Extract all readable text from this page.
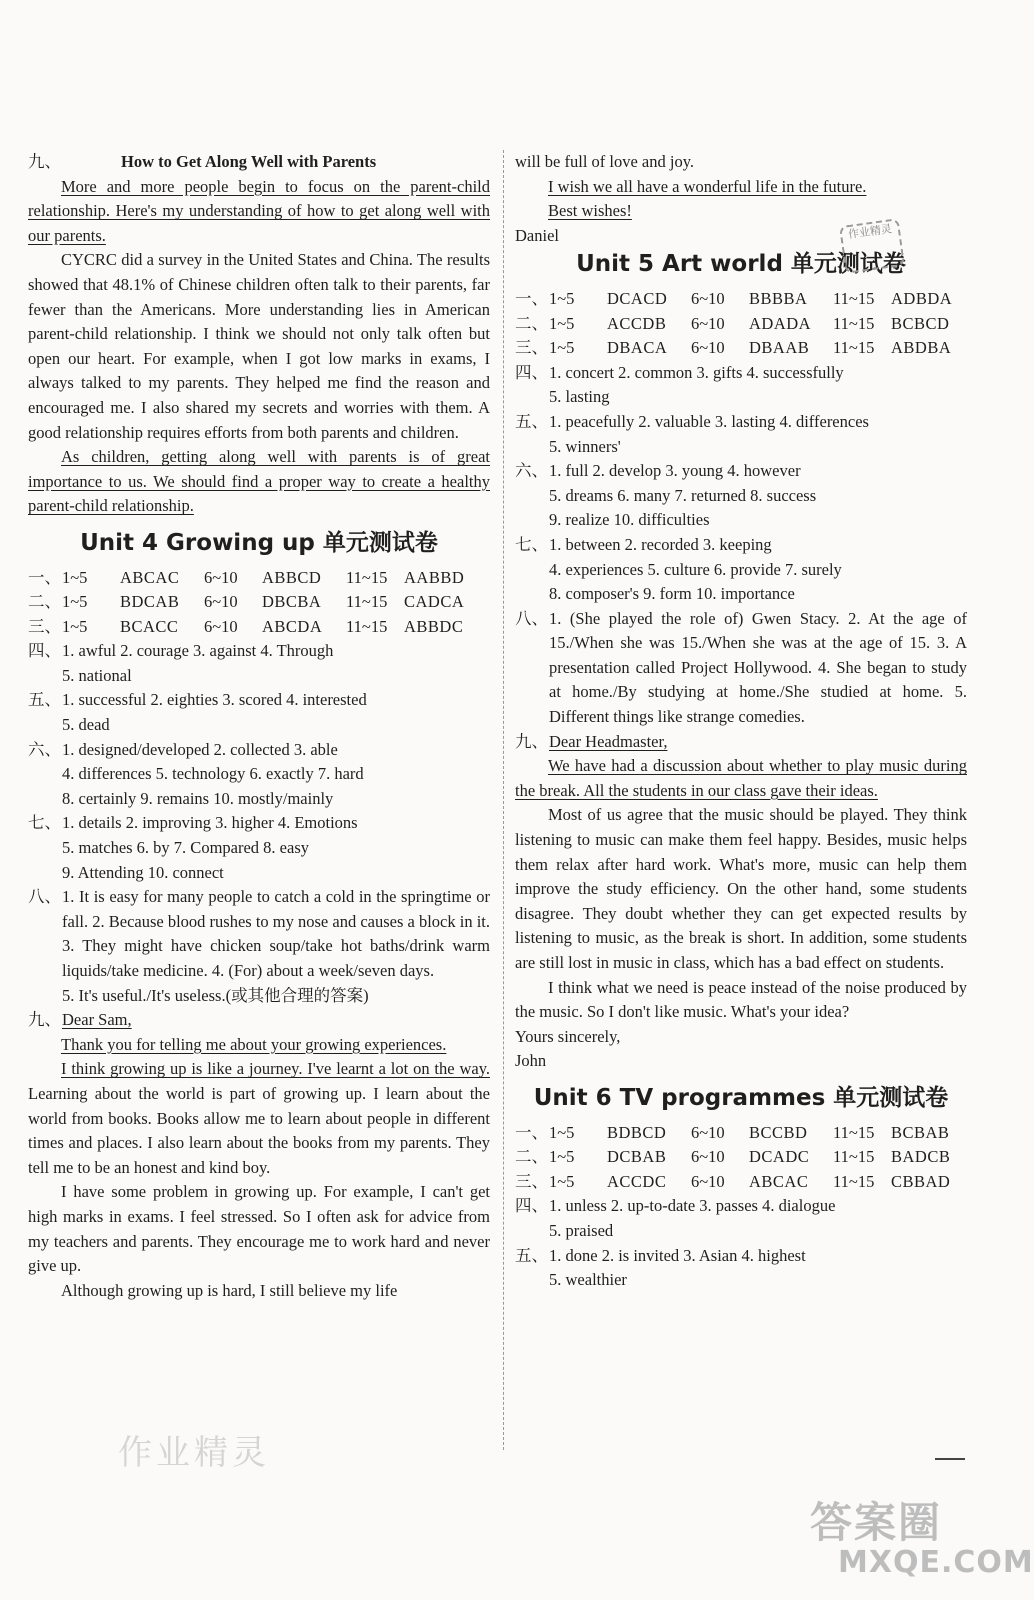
九、	How to Get Along Well with Parents

More and more people begin to focus on the parent-child relationship. Here's my understanding of how to get along well with our parents.

CYCRC did a survey in the United States and China. The results showed that 48.1% of Chinese children often talk to their parents, far fewer than the Americans. More understanding lies in American parent-child relationship. I think we should not only talk often but open our heart. For example, when I got low marks in exams, I always talked to my parents. They helped me find the reason and encouraged me. I also shared my secrets and worries with them. A good relationship requires efforts from both parents and children.

As children, getting along well with parents is of great importance to us. We should find a proper way to create a healthy parent-child relationship.

Unit 4 Growing up 单元测试卷
一、 1~5 ABCAC 6~10 ABBCD 11~15 AABBD
二、 1~5 BDCAB 6~10 DBCBA 11~15 CADCA
三、 1~5 BCACC 6~10 ABCDA 11~15 ABBDC
四、 1. awful 2. courage 3. against 4. Through
5. national
五、 1. successful 2. eighties 3. scored 4. interested
5. dead
六、 1. designed/developed 2. collected 3. able
4. differences 5. technology 6. exactly 7. hard
8. certainly 9. remains 10. mostly/mainly
七、 1. details 2. improving 3. higher 4. Emotions
5. matches 6. by 7. Compared 8. easy
9. Attending 10. connect
八、 1. It is easy for many people to catch a cold in the springtime or fall. 2. Because blood rushes to my nose and causes a block in it. 3. They might have chicken soup/take hot baths/drink warm liquids/take medicine. 4. (For) about a week/seven days.

5. It's useful./It's useless.(或其他合理的答案)
九、 Dear Sam,

Thank you for telling me about your growing experiences.

I think growing up is like a journey. I've learnt a lot on the way. Learning about the world is part of growing up. I learn about the world from books. Books allow me to learn about people in different times and places. I also learn about the books from my parents. They tell me to be an honest and kind boy.

I have some problem in growing up. For example, I can't get high marks in exams. I feel stressed. So I often ask for advice from my teachers and parents. They encourage me to work hard and never give up.

Although growing up is hard, I still believe my life

will be full of love and joy.

I wish we all have a wonderful life in the future.

Best wishes!

Daniel

Unit 5 Art world 单元测试卷
一、 1~5 DCACD 6~10 BBBBA 11~15 ADBDA
二、 1~5 ACCDB 6~10 ADADA 11~15 BCBCD
三、 1~5 DBACA 6~10 DBAAB 11~15 ABDBA
四、 1. concert 2. common 3. gifts 4. successfully
5. lasting
五、 1. peacefully 2. valuable 3. lasting 4. differences
5. winners'
六、 1. full 2. develop 3. young 4. however
5. dreams 6. many 7. returned 8. success
9. realize 10. difficulties
七、 1. between 2. recorded 3. keeping
4. experiences 5. culture 6. provide 7. surely
8. composer's 9. form 10. importance
八、 1. (She played the role of) Gwen Stacy. 2. At the age of 15./When she was 15./When she was at the age of 15. 3. A presentation called Project Hollywood. 4. She began to study at home./By studying at home./She studied at home. 5. Different things like strange comedies.

九、 Dear Headmaster,

We have had a discussion about whether to play music during the break. All the students in our class gave their ideas.

Most of us agree that the music should be played. They think listening to music can make them feel happy. Besides, music helps them relax after hard work. What's more, music can help them improve the study efficiency. On the other hand, some students disagree. They doubt whether they can get expected results by listening to music, as the break is short. In addition, some students are still lost in music in class, which has a bad effect on students.

I think what we need is peace instead of the noise produced by the music. So I don't like music. What's your idea?

Yours sincerely,

John

Unit 6 TV programmes 单元测试卷
一、 1~5 BDBCD 6~10 BCCBD 11~15 BCBAB
二、 1~5 DCBAB 6~10 DCADC 11~15 BADCB
三、 1~5 ACCDC 6~10 ABCAC 11~15 CBBAD
四、 1. unless 2. up-to-date 3. passes 4. dialogue
5. praised
五、 1. done 2. is invited 3. Asian 4. highest
5. wealthier
作业精灵
作业精灵
答案圈
MXQE.COM
